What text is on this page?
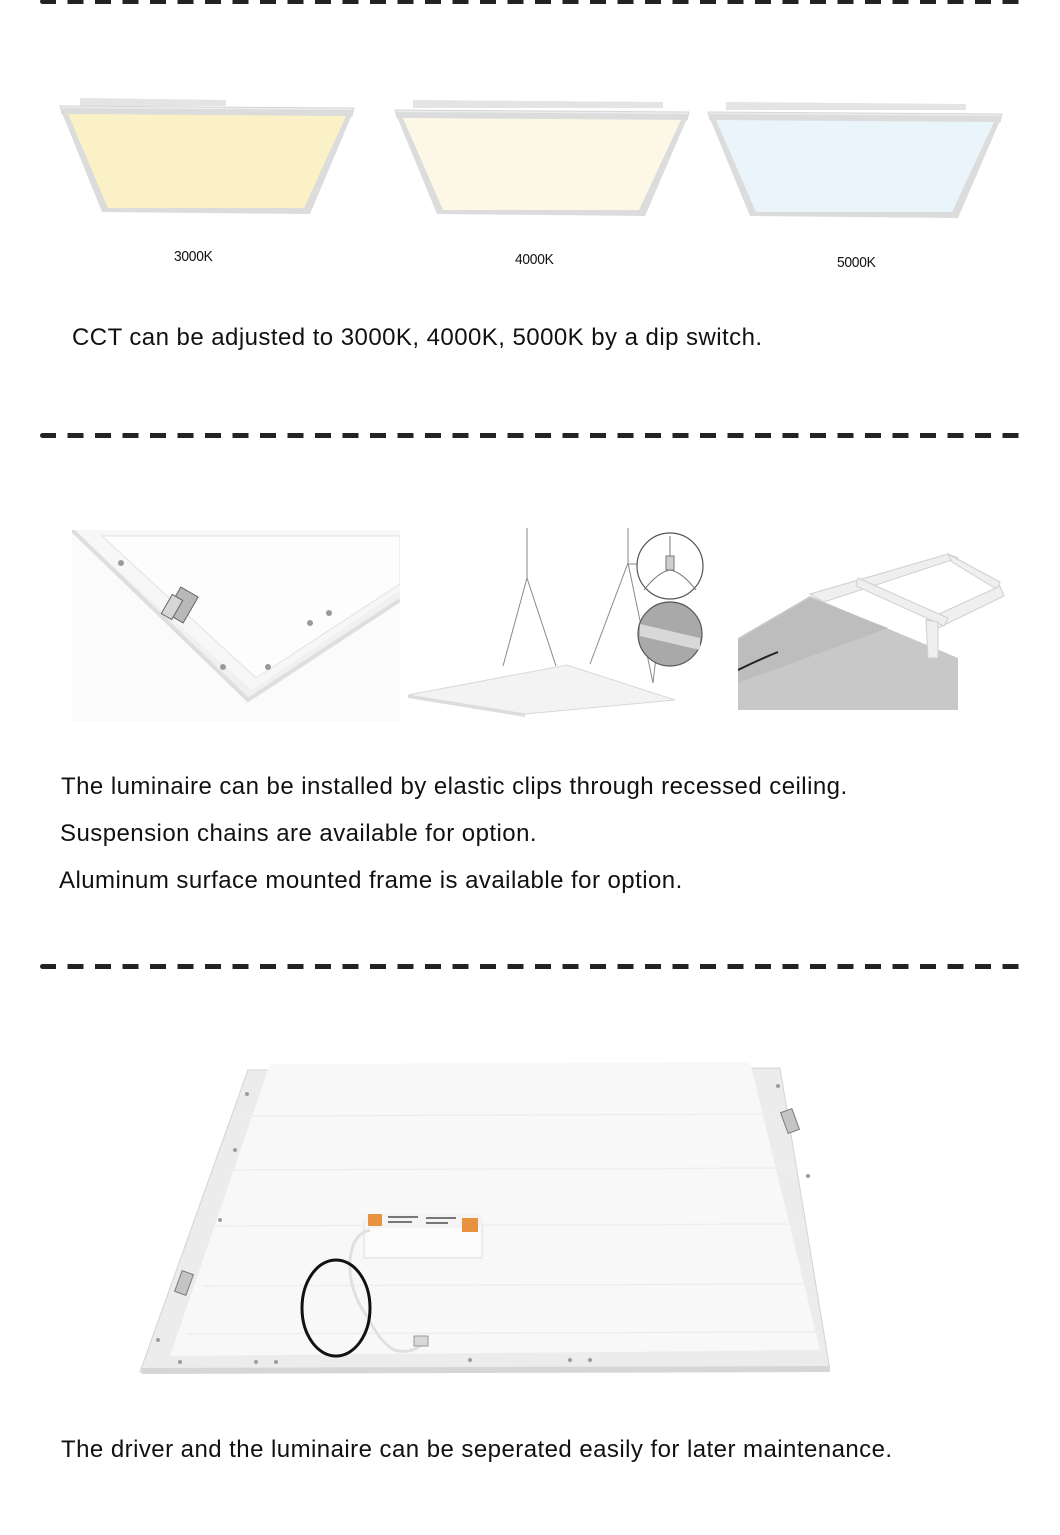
3000K	4000K	5000K
CCT can be adjusted to 3000K, 4000K, 5000K by a dip switch.
The luminaire can be installed by elastic clips through recessed ceiling.
Suspension chains are available for option.
Aluminum surface mounted frame is available for option.
The driver and the luminaire can be seperated easily for later maintenance.
